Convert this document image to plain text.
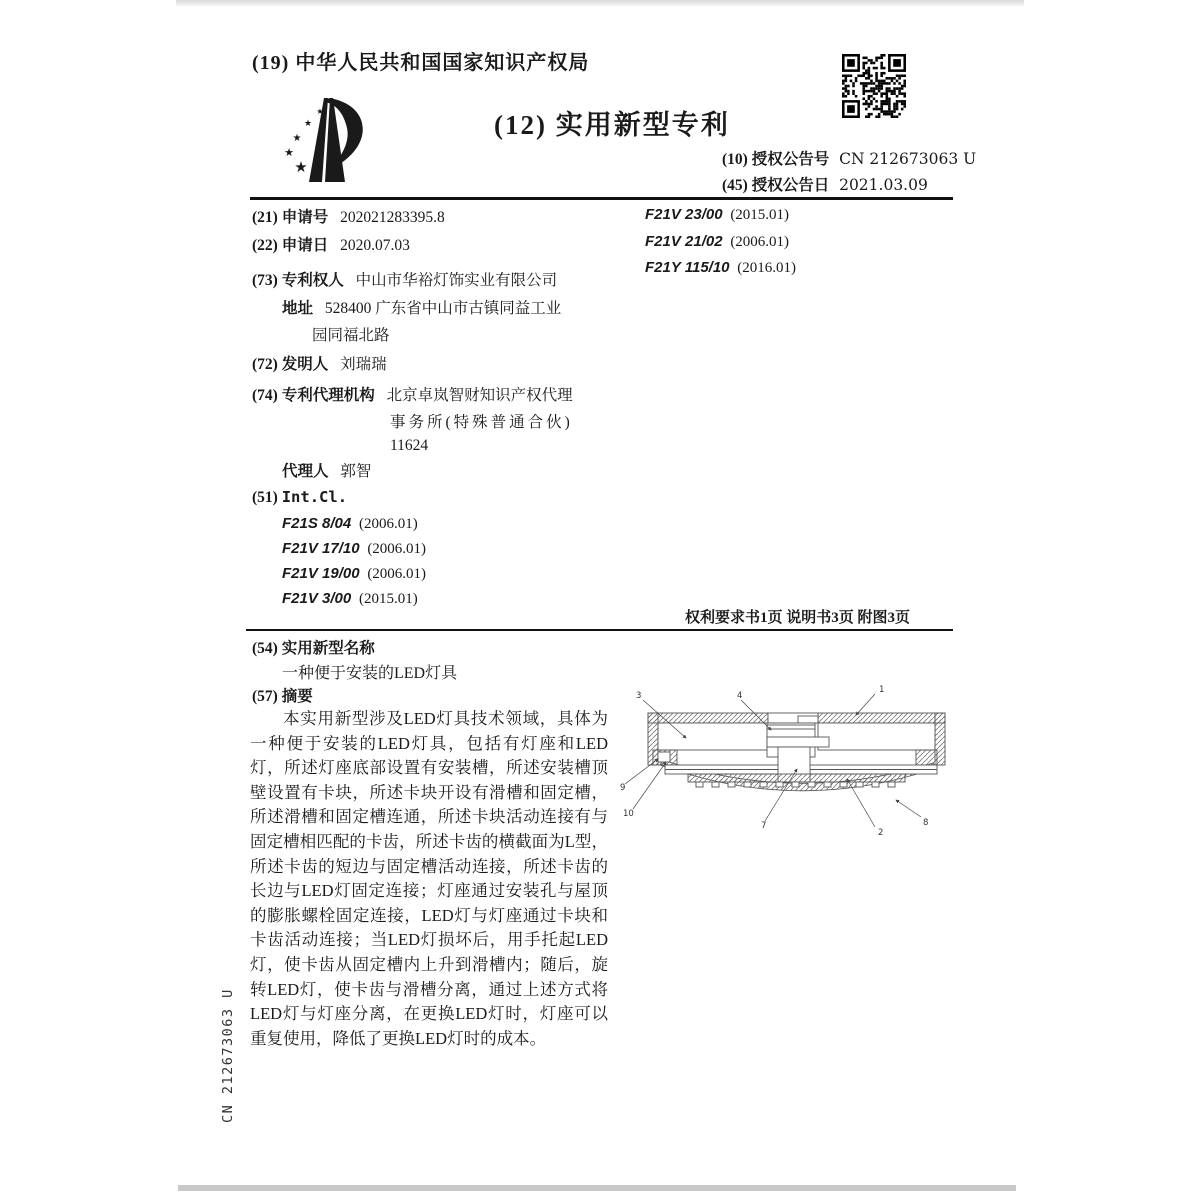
(19) 中华人民共和国国家知识产权局
★
★
★
★
★
(12) 实用新型专利
(10) 授权公告号 CN 212673063 U
(45) 授权公告日 2021.03.09
(21) 申请号 202021283395.8
(22) 申请日 2020.07.03
(73) 专利权人 中山市华裕灯饰实业有限公司
地址 528400 广东省中山市古镇同益工业
园同福北路
(72) 发明人 刘瑞瑞
(74) 专利代理机构 北京卓岚智财知识产权代理
事务所(特殊普通合伙)
11624
代理人 郭智
(51) Int.Cl.
F21S 8/04 (2006.01)
F21V 17/10 (2006.01)
F21V 19/00 (2006.01)
F21V 3/00 (2015.01)
F21V 23/00 (2015.01)
F21V 21/02 (2006.01)
F21Y 115/10 (2016.01)
权利要求书1页 说明书3页 附图3页
(54) 实用新型名称
一种便于安装的LED灯具
(57) 摘要
本实用新型涉及LED灯具技术领域，具体为一种便于安装的LED灯具，包括有灯座和LED灯，所述灯座底部设置有安装槽，所述安装槽顶壁设置有卡块，所述卡块开设有滑槽和固定槽，所述滑槽和固定槽连通，所述卡块活动连接有与固定槽相匹配的卡齿，所述卡齿的横截面为L型，所述卡齿的短边与固定槽活动连接，所述卡齿的长边与LED灯固定连接；灯座通过安装孔与屋顶的膨胀螺栓固定连接，LED灯与灯座通过卡块和卡齿活动连接；当LED灯损坏后，用手托起LED灯，使卡齿从固定槽内上升到滑槽内；随后，旋转LED灯，使卡齿与滑槽分离，通过上述方式将LED灯与灯座分离，在更换LED灯时，灯座可以重复使用，降低了更换LED灯时的成本。
1
3	4
9
10
7
2
8
CN 212673063 U
